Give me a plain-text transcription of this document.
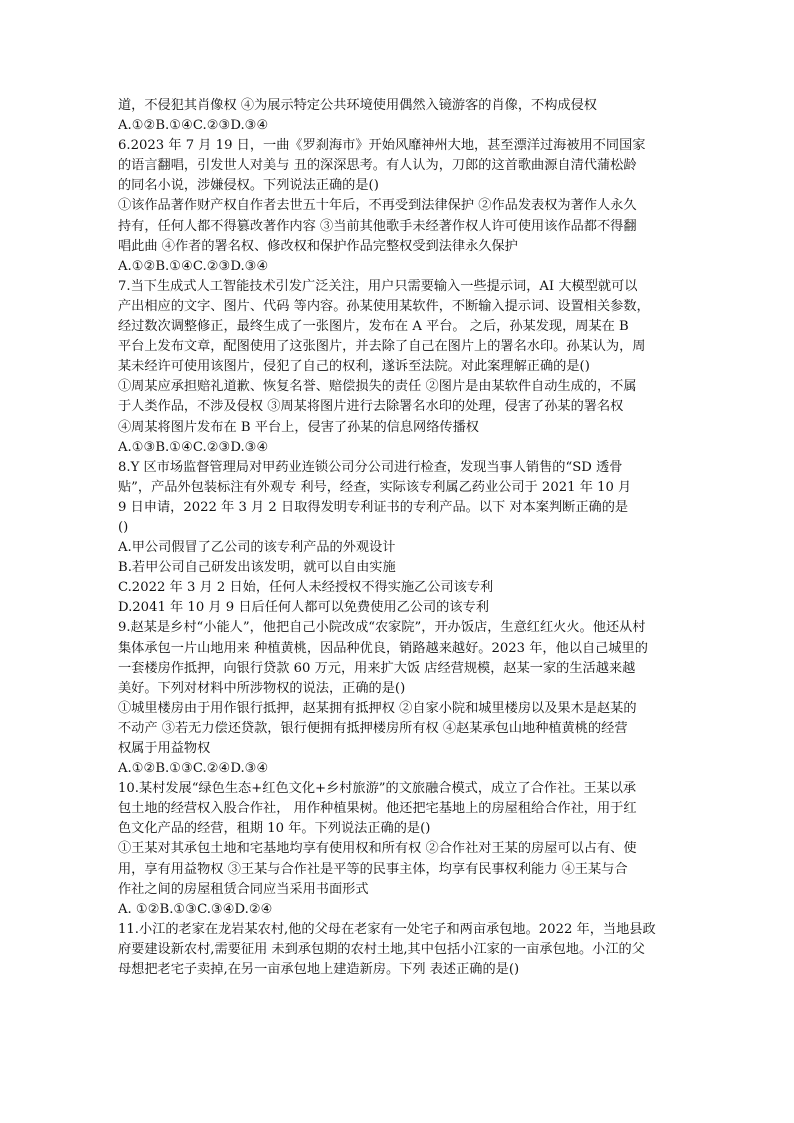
道，不侵犯其肖像权 ④为展示特定公共环境使用偶然入镜游客的肖像，不构成侵权
A.①②B.①④C.②③D.③④
6.2023 年 7 月 19 日，一曲《罗刹海市》开始风靡神州大地，甚至漂洋过海被用不同国家
的语言翻唱，引发世人对美与 丑的深深思考。有人认为，刀郎的这首歌曲源自清代蒲松龄
的同名小说，涉嫌侵权。下列说法正确的是()
①该作品著作财产权自作者去世五十年后，不再受到法律保护 ②作品发表权为著作人永久
持有，任何人都不得篡改著作内容 ③当前其他歌手未经著作权人许可使用该作品都不得翻
唱此曲 ④作者的署名权、修改权和保护作品完整权受到法律永久保护
A.①②B.①④C.②③D.③④
7.当下生成式人工智能技术引发广泛关注，用户只需要输入一些提示词，AI 大模型就可以
产出相应的文字、图片、代码 等内容。孙某使用某软件，不断输入提示词、设置相关参数，
经过数次调整修正，最终生成了一张图片，发布在 A 平台。 之后，孙某发现，周某在 B
平台上发布文章，配图使用了这张图片，并去除了自己在图片上的署名水印。孙某认为，周
某未经许可使用该图片，侵犯了自己的权利，遂诉至法院。对此案理解正确的是()
①周某应承担赔礼道歉、恢复名誉、赔偿损失的责任 ②图片是由某软件自动生成的，不属
于人类作品，不涉及侵权 ③周某将图片进行去除署名水印的处理，侵害了孙某的署名权
④周某将图片发布在 B 平台上，侵害了孙某的信息网络传播权
A.①③B.①④C.②③D.③④
8.Y 区市场监督管理局对甲药业连锁公司分公司进行检查，发现当事人销售的“SD 透骨
贴”，产品外包装标注有外观专 利号，经查，实际该专利属乙药业公司于 2021 年 10 月
9 日申请，2022 年 3 月 2 日取得发明专利证书的专利产品。以下 对本案判断正确的是
()
A.甲公司假冒了乙公司的该专利产品的外观设计
B.若甲公司自己研发出该发明，就可以自由实施
C.2022 年 3 月 2 日始，任何人未经授权不得实施乙公司该专利
D.2041 年 10 月 9 日后任何人都可以免费使用乙公司的该专利
9.赵某是乡村“小能人”，他把自己小院改成“农家院”，开办饭店，生意红红火火。他还从村
集体承包一片山地用来 种植黄桃，因品种优良，销路越来越好。2023 年，他以自己城里的
一套楼房作抵押，向银行贷款 60 万元，用来扩大饭 店经营规模，赵某一家的生活越来越
美好。下列对材料中所涉物权的说法，正确的是()
①城里楼房由于用作银行抵押，赵某拥有抵押权 ②自家小院和城里楼房以及果木是赵某的
不动产 ③若无力偿还贷款，银行便拥有抵押楼房所有权 ④赵某承包山地种植黄桃的经营
权属于用益物权
A.①②B.①③C.②④D.③④
10.某村发展“绿色生态+红色文化+乡村旅游”的文旅融合模式，成立了合作社。王某以承
包土地的经营权入股合作社， 用作种植果树。他还把宅基地上的房屋租给合作社，用于红
色文化产品的经营，租期 10 年。下列说法正确的是()
①王某对其承包土地和宅基地均享有使用权和所有权 ②合作社对王某的房屋可以占有、使
用，享有用益物权 ③王某与合作社是平等的民事主体，均享有民事权利能力 ④王某与合
作社之间的房屋租赁合同应当采用书面形式
A. ①②B.①③C.③④D.②④
11.小江的老家在龙岩某农村,他的父母在老家有一处宅子和两亩承包地。2022 年，当地县政
府要建设新农村,需要征用 未到承包期的农村土地,其中包括小江家的一亩承包地。小江的父
母想把老宅子卖掉,在另一亩承包地上建造新房。下列 表述正确的是()
